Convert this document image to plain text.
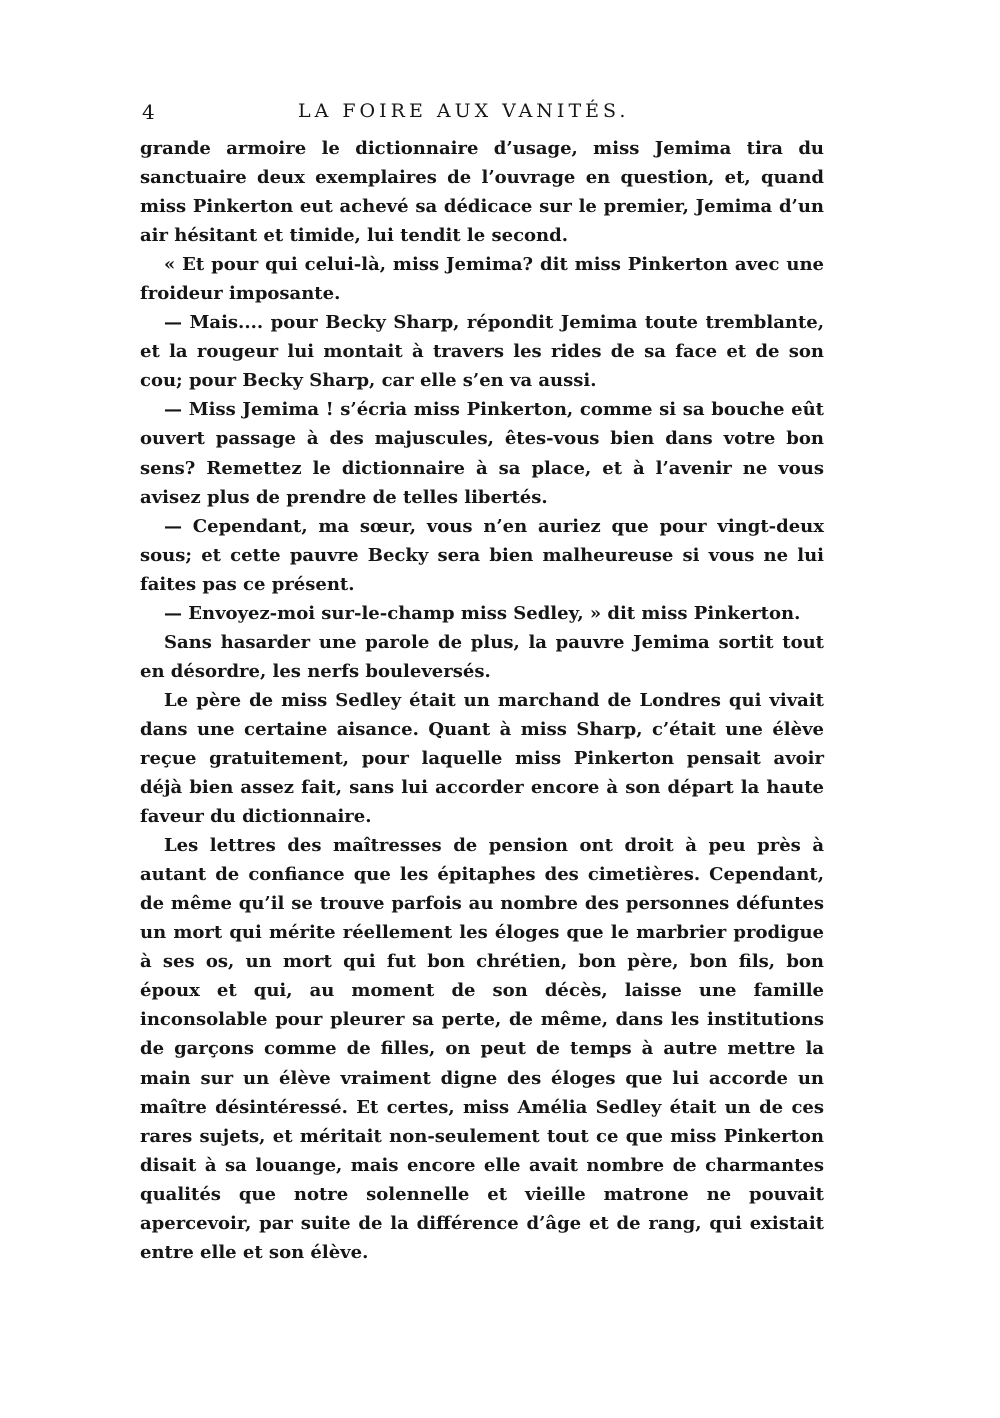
4	LA FOIRE AUX VANITÉS.

grande armoire le dictionnaire d’usage, miss Jemima tira du sanctuaire deux exemplaires de l’ouvrage en question, et, quand miss Pinkerton eut achevé sa dédicace sur le premier, Jemima d’un air hésitant et timide, lui tendit le second.

« Et pour qui celui-là, miss Jemima? dit miss Pinkerton avec une froideur imposante.

— Mais.... pour Becky Sharp, répondit Jemima toute tremblante, et la rougeur lui montait à travers les rides de sa face et de son cou; pour Becky Sharp, car elle s’en va aussi.

— Miss Jemima ! s’écria miss Pinkerton, comme si sa bouche eût ouvert passage à des majuscules, êtes-vous bien dans votre bon sens? Remettez le dictionnaire à sa place, et à l’avenir ne vous avisez plus de prendre de telles libertés.

— Cependant, ma sœur, vous n’en auriez que pour vingt-deux sous; et cette pauvre Becky sera bien malheureuse si vous ne lui faites pas ce présent.

— Envoyez-moi sur-le-champ miss Sedley, » dit miss Pinkerton.

Sans hasarder une parole de plus, la pauvre Jemima sortit tout en désordre, les nerfs bouleversés.

Le père de miss Sedley était un marchand de Londres qui vivait dans une certaine aisance. Quant à miss Sharp, c’était une élève reçue gratuitement, pour laquelle miss Pinkerton pensait avoir déjà bien assez fait, sans lui accorder encore à son départ la haute faveur du dictionnaire.

Les lettres des maîtresses de pension ont droit à peu près à autant de confiance que les épitaphes des cimetières. Cependant, de même qu’il se trouve parfois au nombre des personnes défuntes un mort qui mérite réellement les éloges que le marbrier prodigue à ses os, un mort qui fut bon chrétien, bon père, bon fils, bon époux et qui, au moment de son décès, laisse une famille inconsolable pour pleurer sa perte, de même, dans les institutions de garçons comme de filles, on peut de temps à autre mettre la main sur un élève vraiment digne des éloges que lui accorde un maître désintéressé. Et certes, miss Amélia Sedley était un de ces rares sujets, et méritait non-seulement tout ce que miss Pinkerton disait à sa louange, mais encore elle avait nombre de charmantes qualités que notre solennelle et vieille matrone ne pouvait apercevoir, par suite de la différence d’âge et de rang, qui existait entre elle et son élève.
